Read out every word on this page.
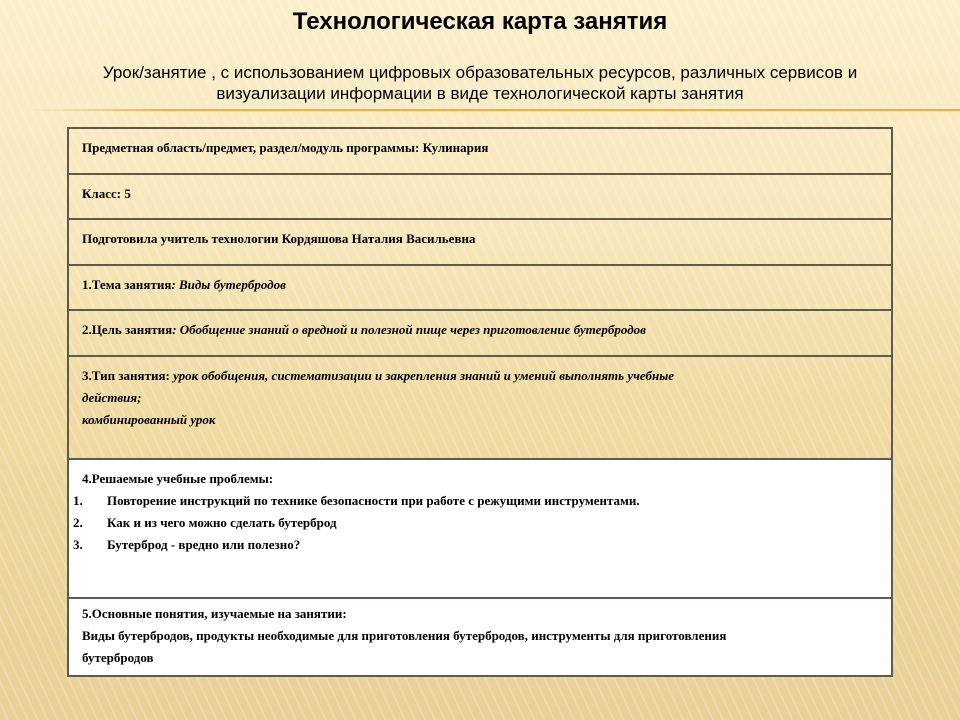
Технологическая карта занятия
Урок/занятие , с использованием цифровых образовательных ресурсов, различных сервисов и
визуализации информации в виде технологической карты занятия
Предметная область/предмет, раздел/модуль программы: Кулинария
Класс: 5
Подготовила учитель технологии Кордяшова Наталия Васильевна
1.Тема занятия: Виды бутербродов
2.Цель занятия: Обобщение знаний о вредной и полезной пище через приготовление бутербродов
3.Тип занятия: урок обобщения, систематизации и закрепления знаний и умений выполнять учебные
действия;
комбинированный урок
4.Решаемые учебные проблемы:
1. Повторение инструкций по технике безопасности при работе с режущими инструментами.
2. Как и из чего можно сделать бутерброд
3. Бутерброд - вредно или полезно?
5.Основные понятия, изучаемые на занятии:
Виды бутербродов, продукты необходимые для приготовления бутербродов, инструменты для приготовления
бутербродов
